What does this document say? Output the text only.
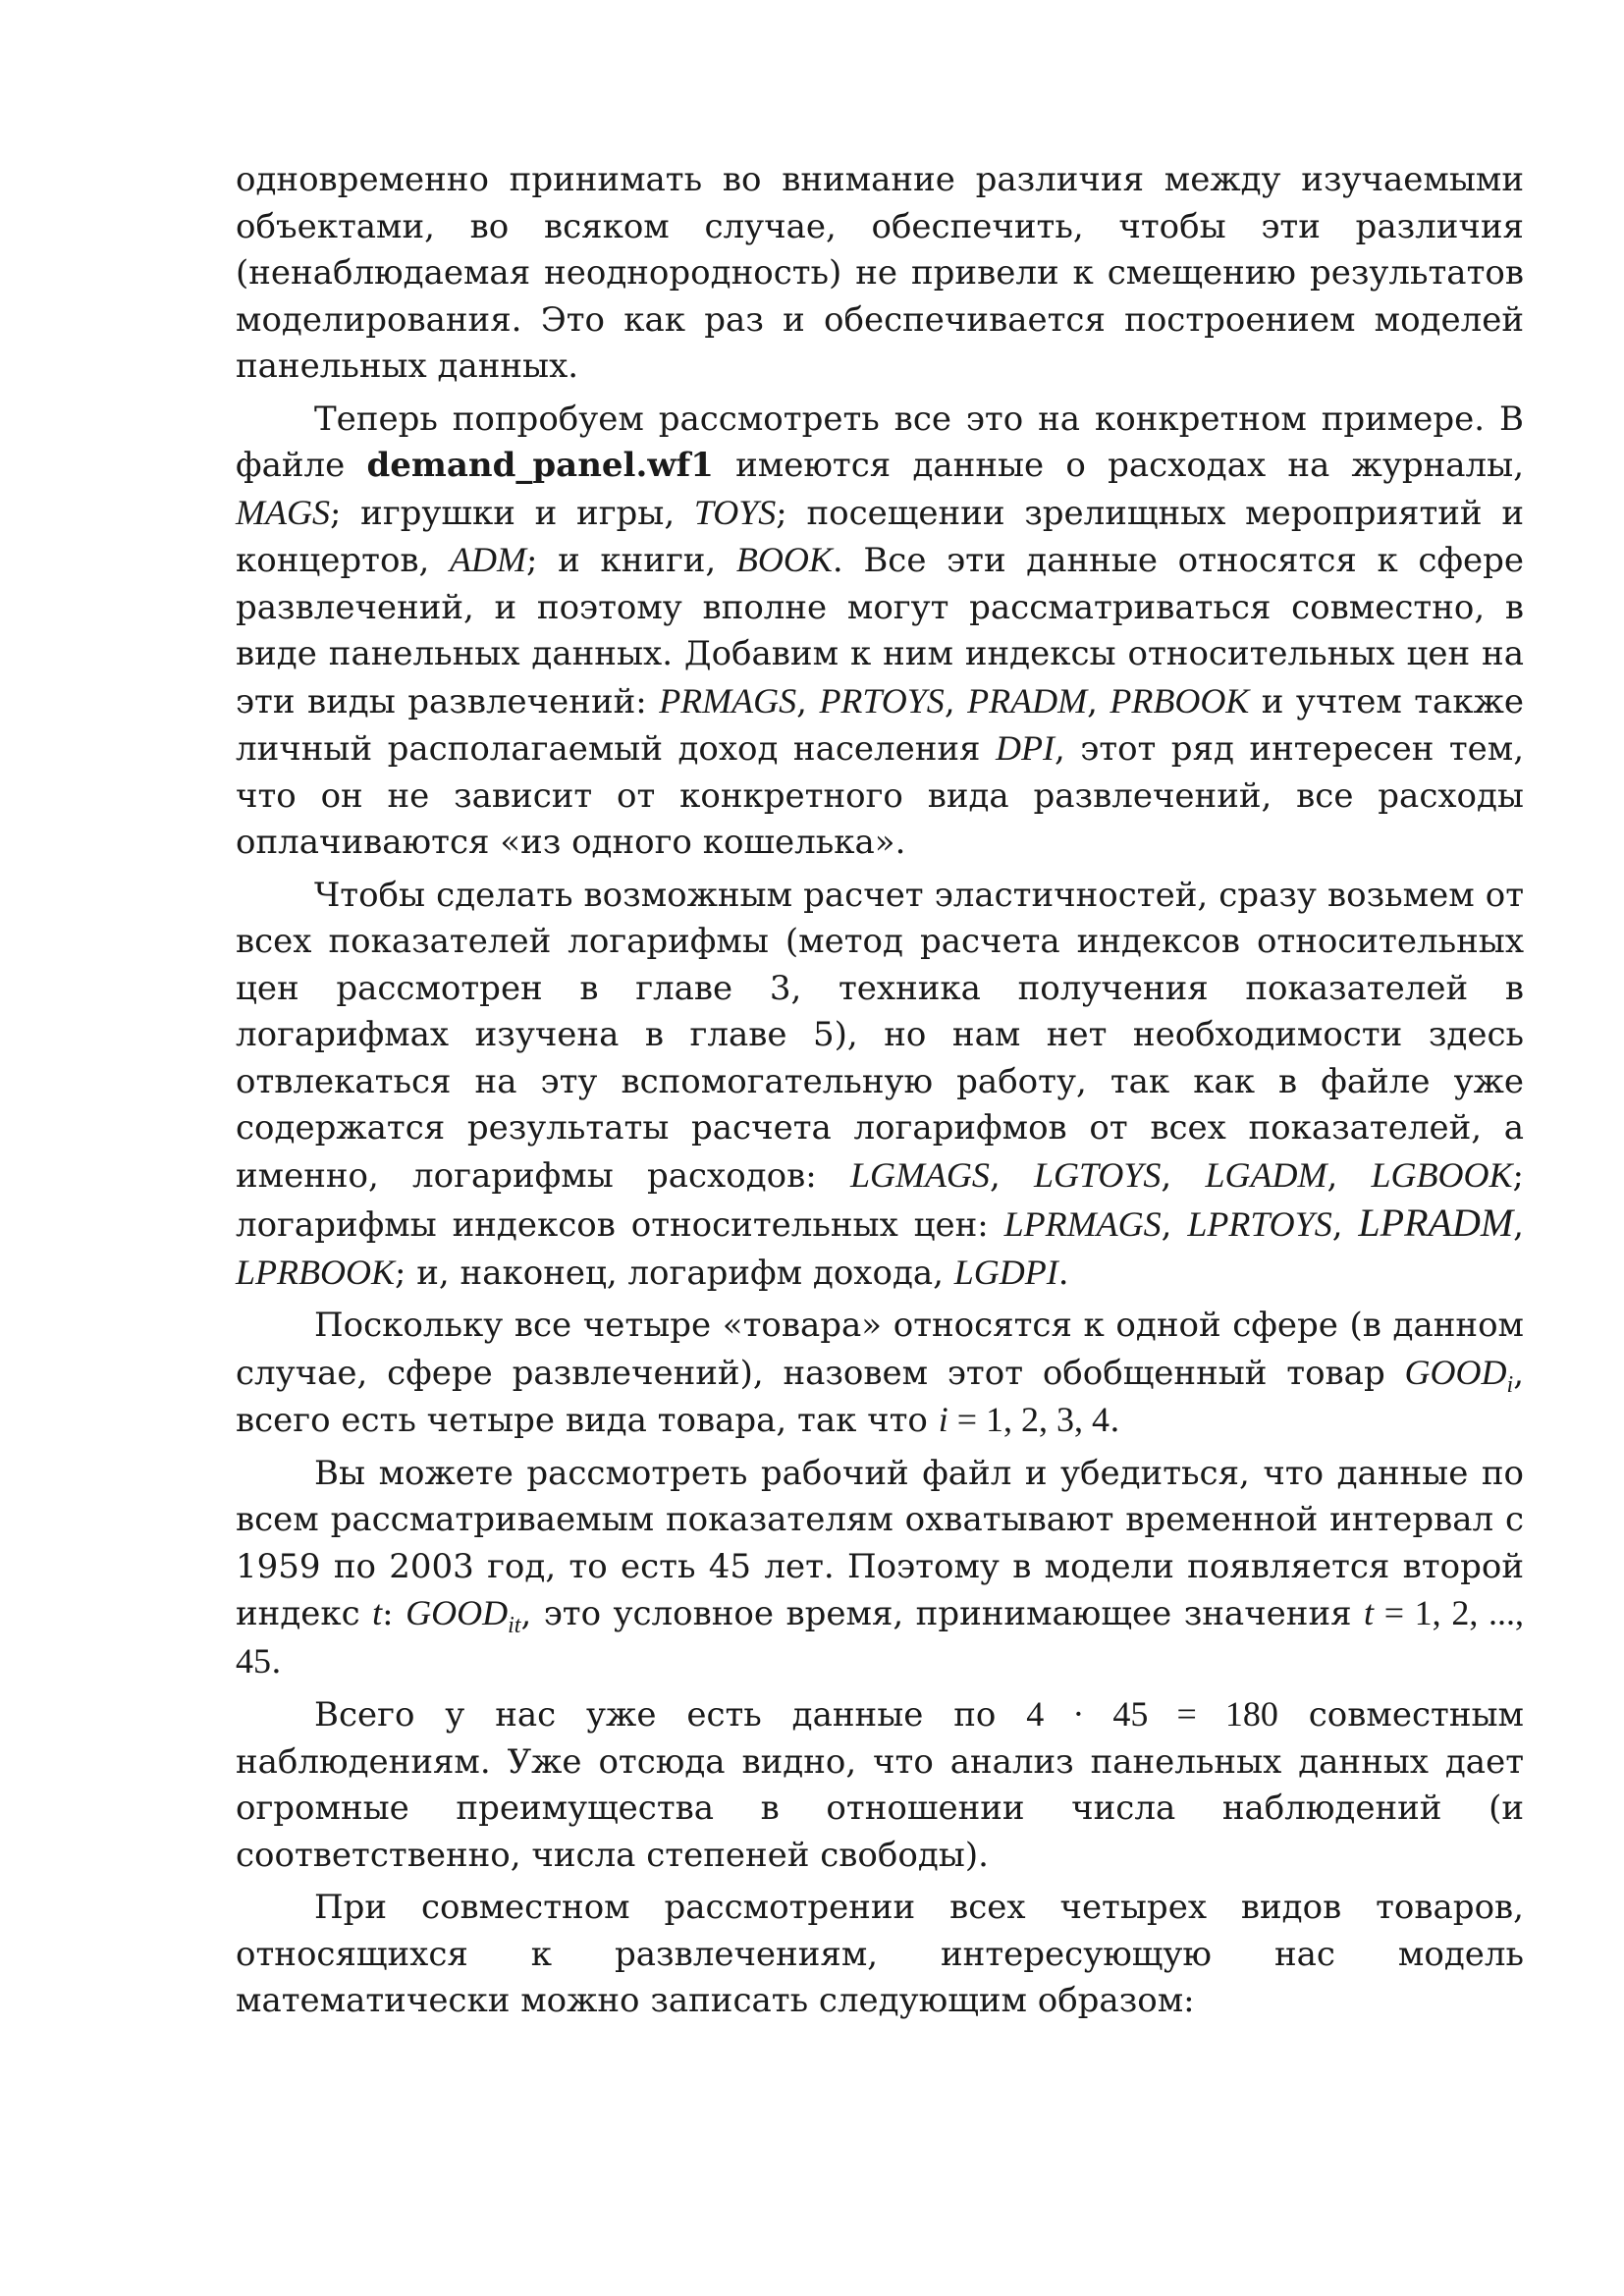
одновременно принимать во внимание различия между изучаемыми объектами, во всяком случае, обеспечить, чтобы эти различия (ненаблюдаемая неоднородность) не привели к смещению результатов моделирования. Это как раз и обеспечивается построением моделей панельных данных.

Теперь попробуем рассмотреть все это на конкретном примере. В файле demand_panel.wf1 имеются данные о расходах на журналы, MAGS; игрушки и игры, TOYS; посещении зрелищных мероприятий и концертов, ADM; и книги, BOOK. Все эти данные относятся к сфере развлечений, и поэтому вполне могут рассматриваться совместно, в виде панельных данных. Добавим к ним индексы относительных цен на эти виды развлечений: PRMAGS, PRTOYS, PRADM, PRBOOK и учтем также личный располагаемый доход населения DPI, этот ряд интересен тем, что он не зависит от конкретного вида развлечений, все расходы оплачиваются «из одного кошелька».

Чтобы сделать возможным расчет эластичностей, сразу возьмем от всех показателей логарифмы (метод расчета индексов относительных цен рассмотрен в главе 3, техника получения показателей в логарифмах изучена в главе 5), но нам нет необходимости здесь отвлекаться на эту вспомогательную работу, так как в файле уже содержатся результаты расчета логарифмов от всех показателей, а именно, логарифмы расходов: LGMAGS, LGTOYS, LGADM, LGBOOK; логарифмы индексов относительных цен: LPRMAGS, LPRTOYS, LPRADM, LPRBOOK; и, наконец, логарифм дохода, LGDPI.

Поскольку все четыре «товара» относятся к одной сфере (в данном случае, сфере развлечений), назовем этот обобщенный товар $GOOD_i$, всего есть четыре вида товара, так что i = 1, 2, 3, 4.

Вы можете рассмотреть рабочий файл и убедиться, что данные по всем рассматриваемым показателям охватывают временной интервал с 1959 по 2003 год, то есть 45 лет. Поэтому в модели появляется второй индекс t: $GOOD_{it}$, это условное время, принимающее значения t = 1, 2, ..., 45.

Всего у нас уже есть данные по 4 · 45 = 180 совместным наблюдениям. Уже отсюда видно, что анализ панельных данных дает огромные преимущества в отношении числа наблюдений (и соответственно, числа степеней свободы).

При совместном рассмотрении всех четырех видов товаров, относящихся к развлечениям, интересующую нас модель математически можно записать следующим образом:
